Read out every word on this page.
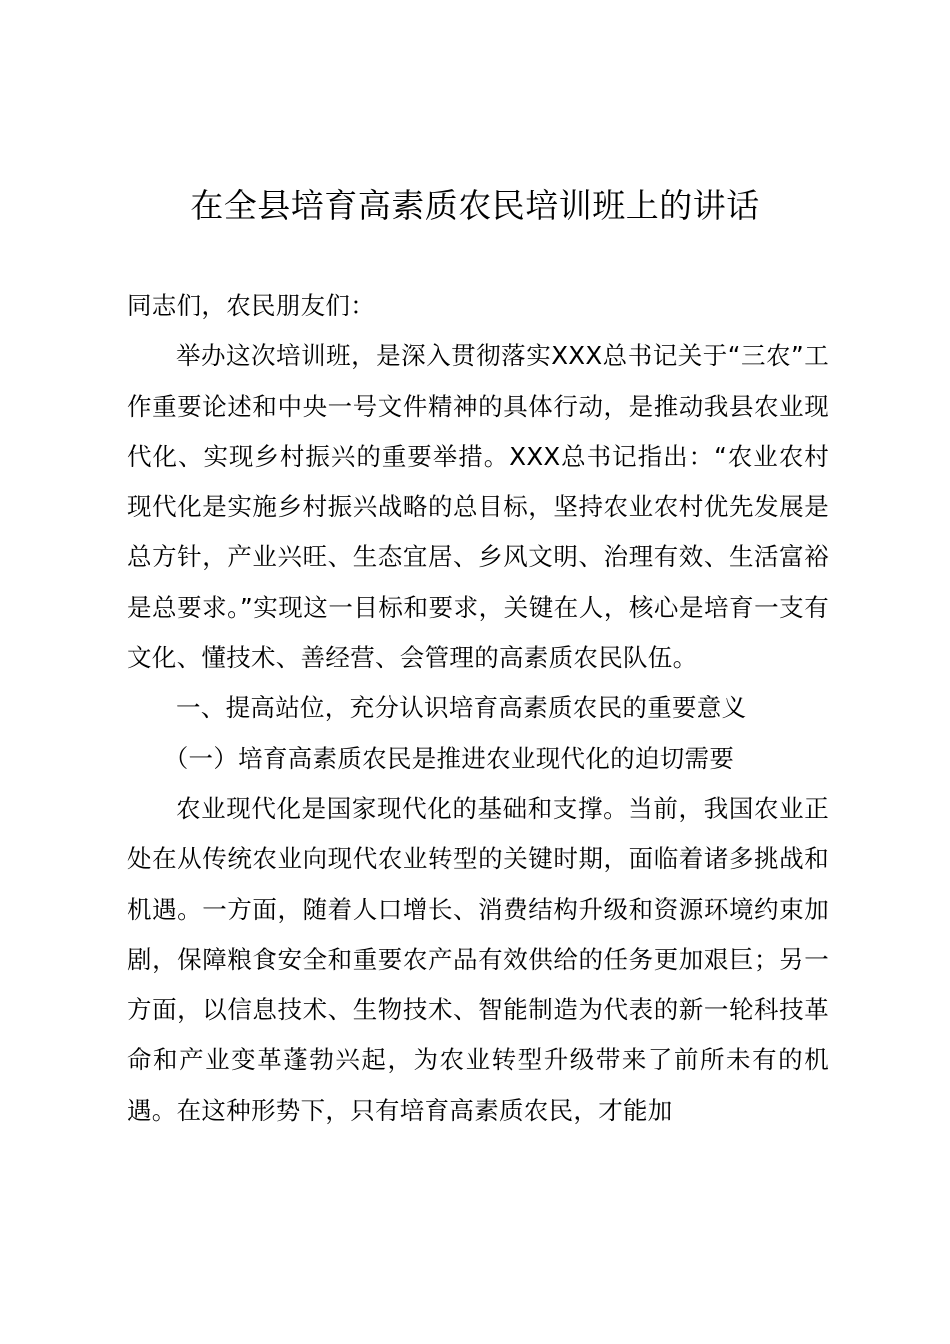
在全县培育高素质农民培训班上的讲话

同志们，农民朋友们：

举办这次培训班，是深入贯彻落实XXX总书记关于“三农”工作重要论述和中央一号文件精神的具体行动，是推动我县农业现代化、实现乡村振兴的重要举措。XXX总书记指出：“农业农村现代化是实施乡村振兴战略的总目标，坚持农业农村优先发展是总方针，产业兴旺、生态宜居、乡风文明、治理有效、生活富裕是总要求。”实现这一目标和要求，关键在人，核心是培育一支有文化、懂技术、善经营、会管理的高素质农民队伍。

一、提高站位，充分认识培育高素质农民的重要意义

（一）培育高素质农民是推进农业现代化的迫切需要

农业现代化是国家现代化的基础和支撑。当前，我国农业正处在从传统农业向现代农业转型的关键时期，面临着诸多挑战和机遇。一方面，随着人口增长、消费结构升级和资源环境约束加剧，保障粮食安全和重要农产品有效供给的任务更加艰巨；另一方面，以信息技术、生物技术、智能制造为代表的新一轮科技革命和产业变革蓬勃兴起，为农业转型升级带来了前所未有的机遇。在这种形势下，只有培育高素质农民，才能加
